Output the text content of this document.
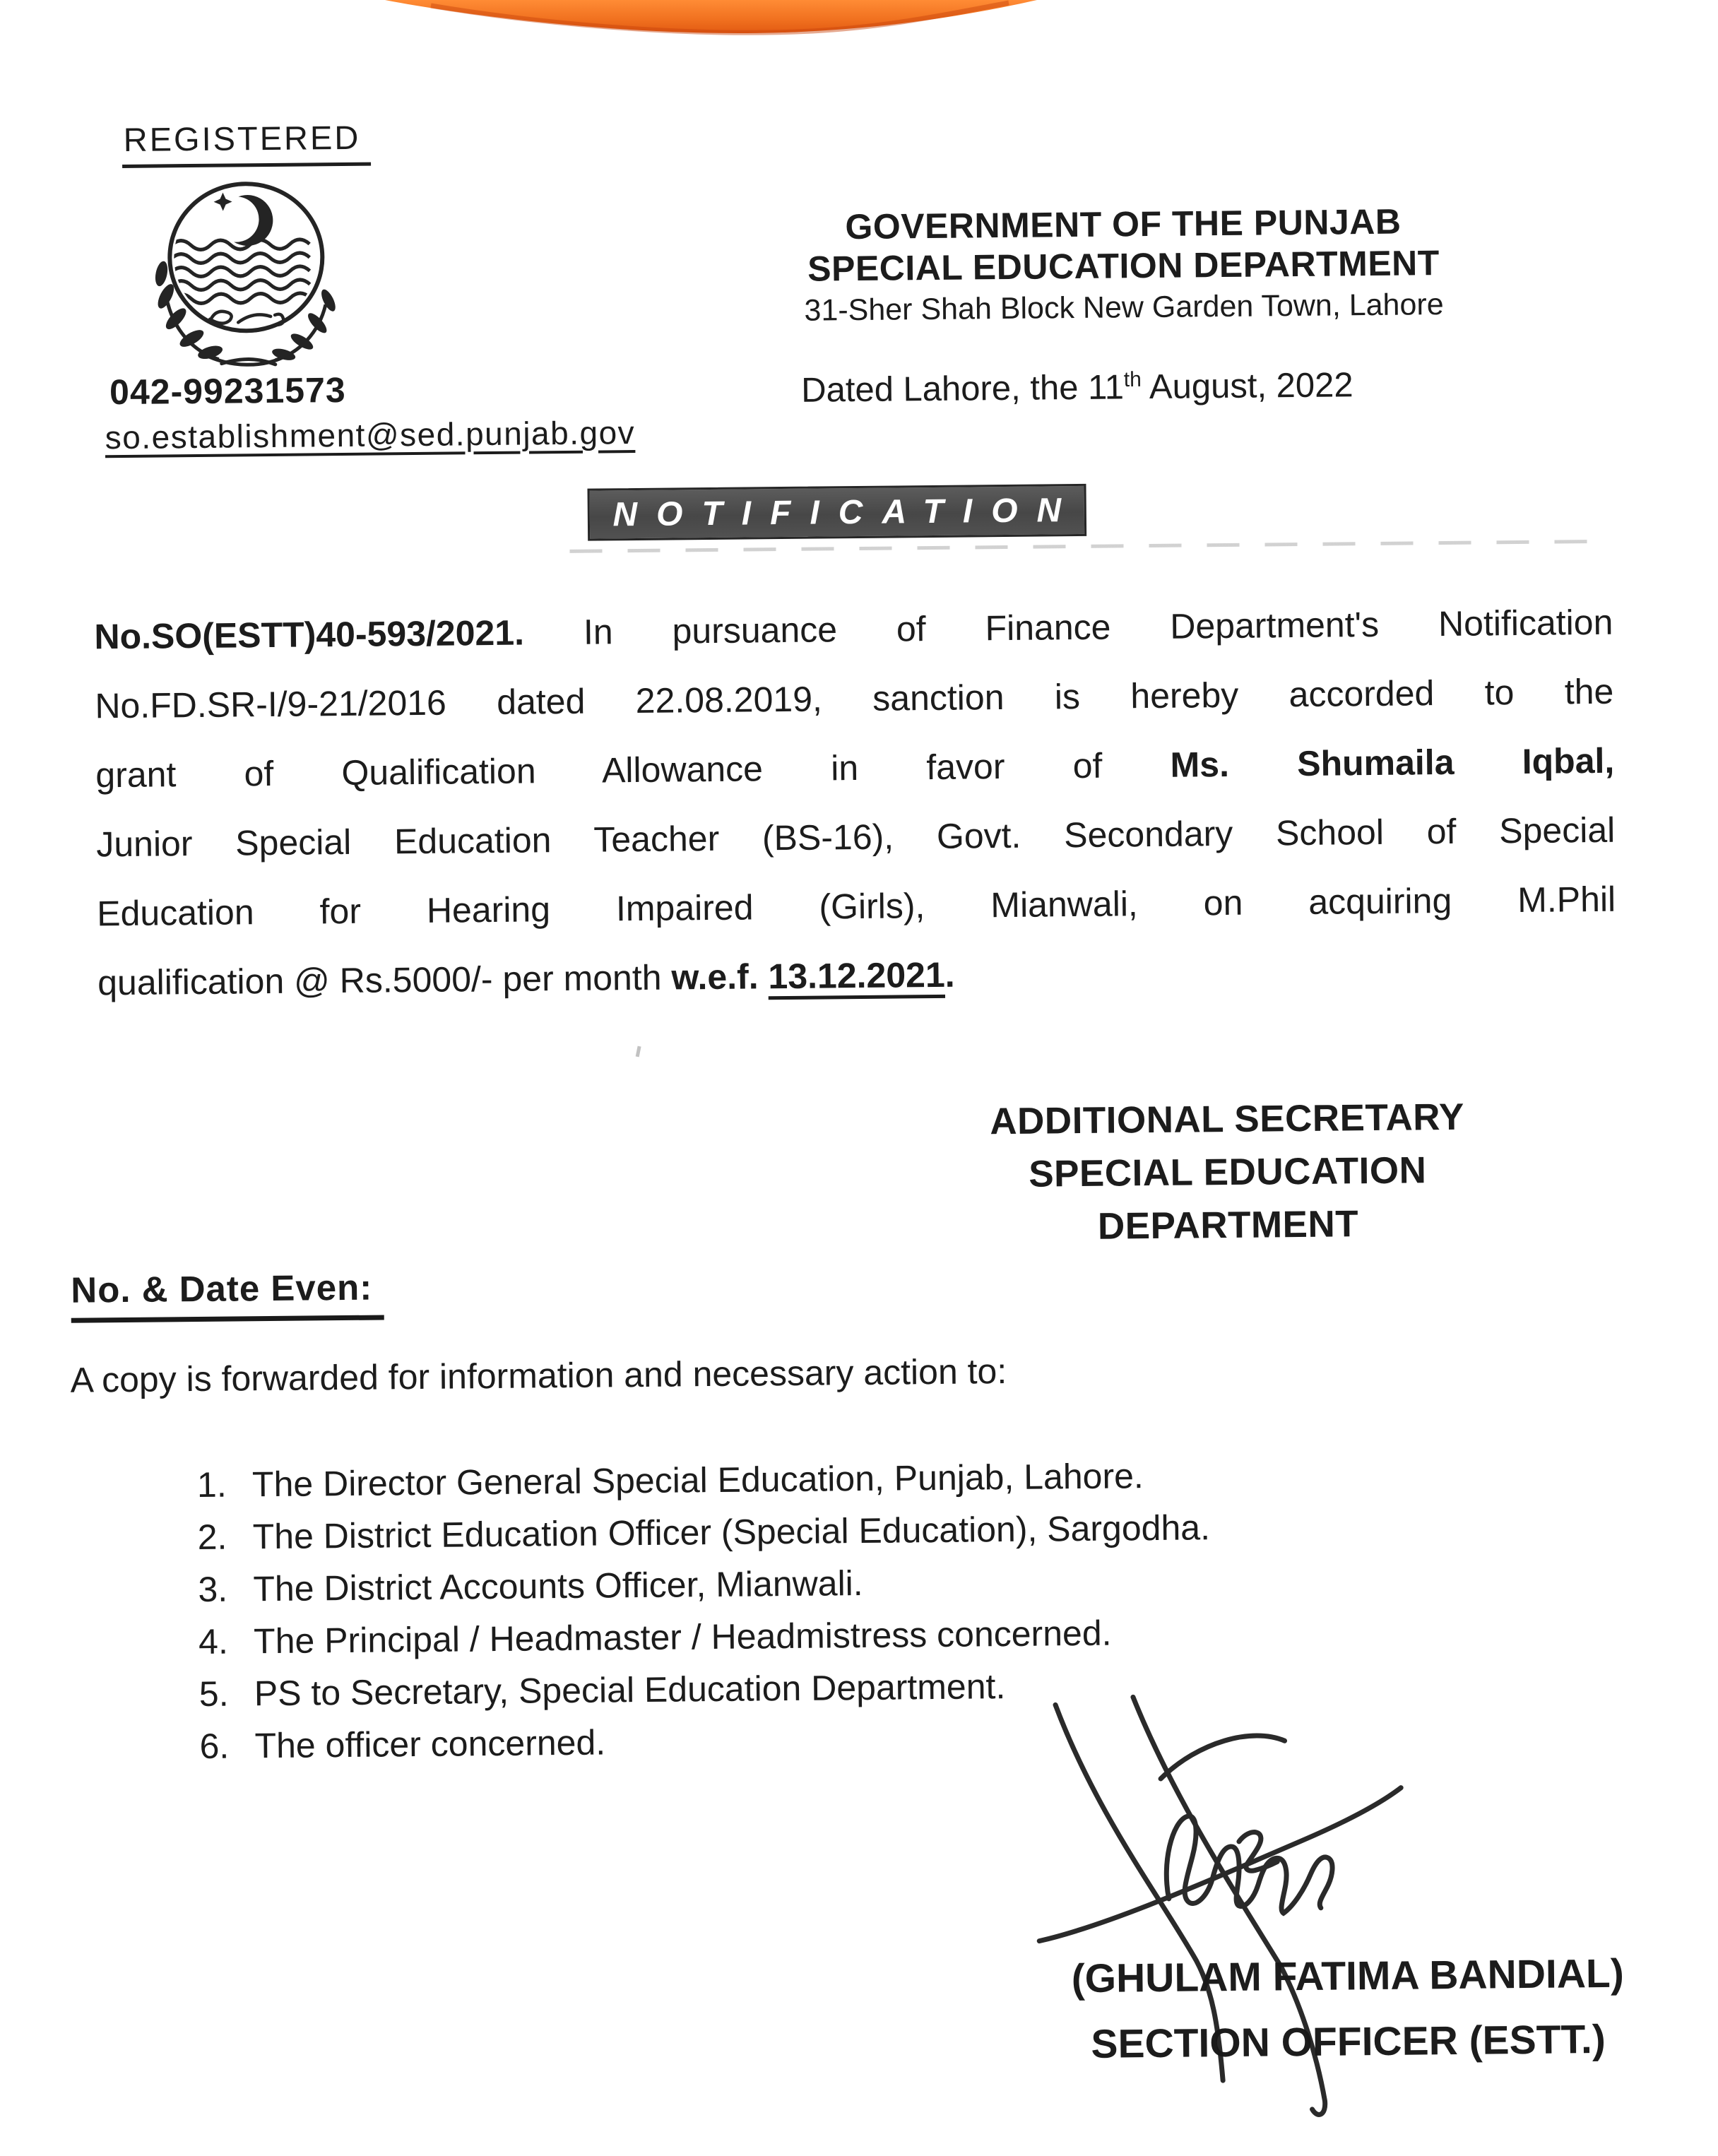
REGISTERED
042-99231573
so.establishment@sed.punjab.gov
GOVERNMENT OF THE PUNJAB
SPECIAL EDUCATION DEPARTMENT
31-Sher Shah Block New Garden Town, Lahore
Dated Lahore, the 11th August, 2022
NOTIFICATION
No.SO(ESTT)40-593/2021. In pursuance of Finance Department's Notification
No.FD.SR-I/9-21/2016 dated 22.08.2019, sanction is hereby accorded to the
grant of Qualification Allowance in favor of Ms. Shumaila Iqbal,
Junior Special Education Teacher (BS-16), Govt. Secondary School of Special
Education for Hearing Impaired (Girls), Mianwali, on acquiring M.Phil
qualification @ Rs.5000/- per month w.e.f. 13.12.2021.
ADDITIONAL SECRETARY
SPECIAL EDUCATION
DEPARTMENT
No. & Date Even:
A copy is forwarded for information and necessary action to:
1. The Director General Special Education, Punjab, Lahore.
2. The District Education Officer (Special Education), Sargodha.
3. The District Accounts Officer, Mianwali.
4. The Principal / Headmaster / Headmistress concerned.
5. PS to Secretary, Special Education Department.
6. The officer concerned.
(GHULAM FATIMA BANDIAL)
SECTION OFFICER (ESTT.)
